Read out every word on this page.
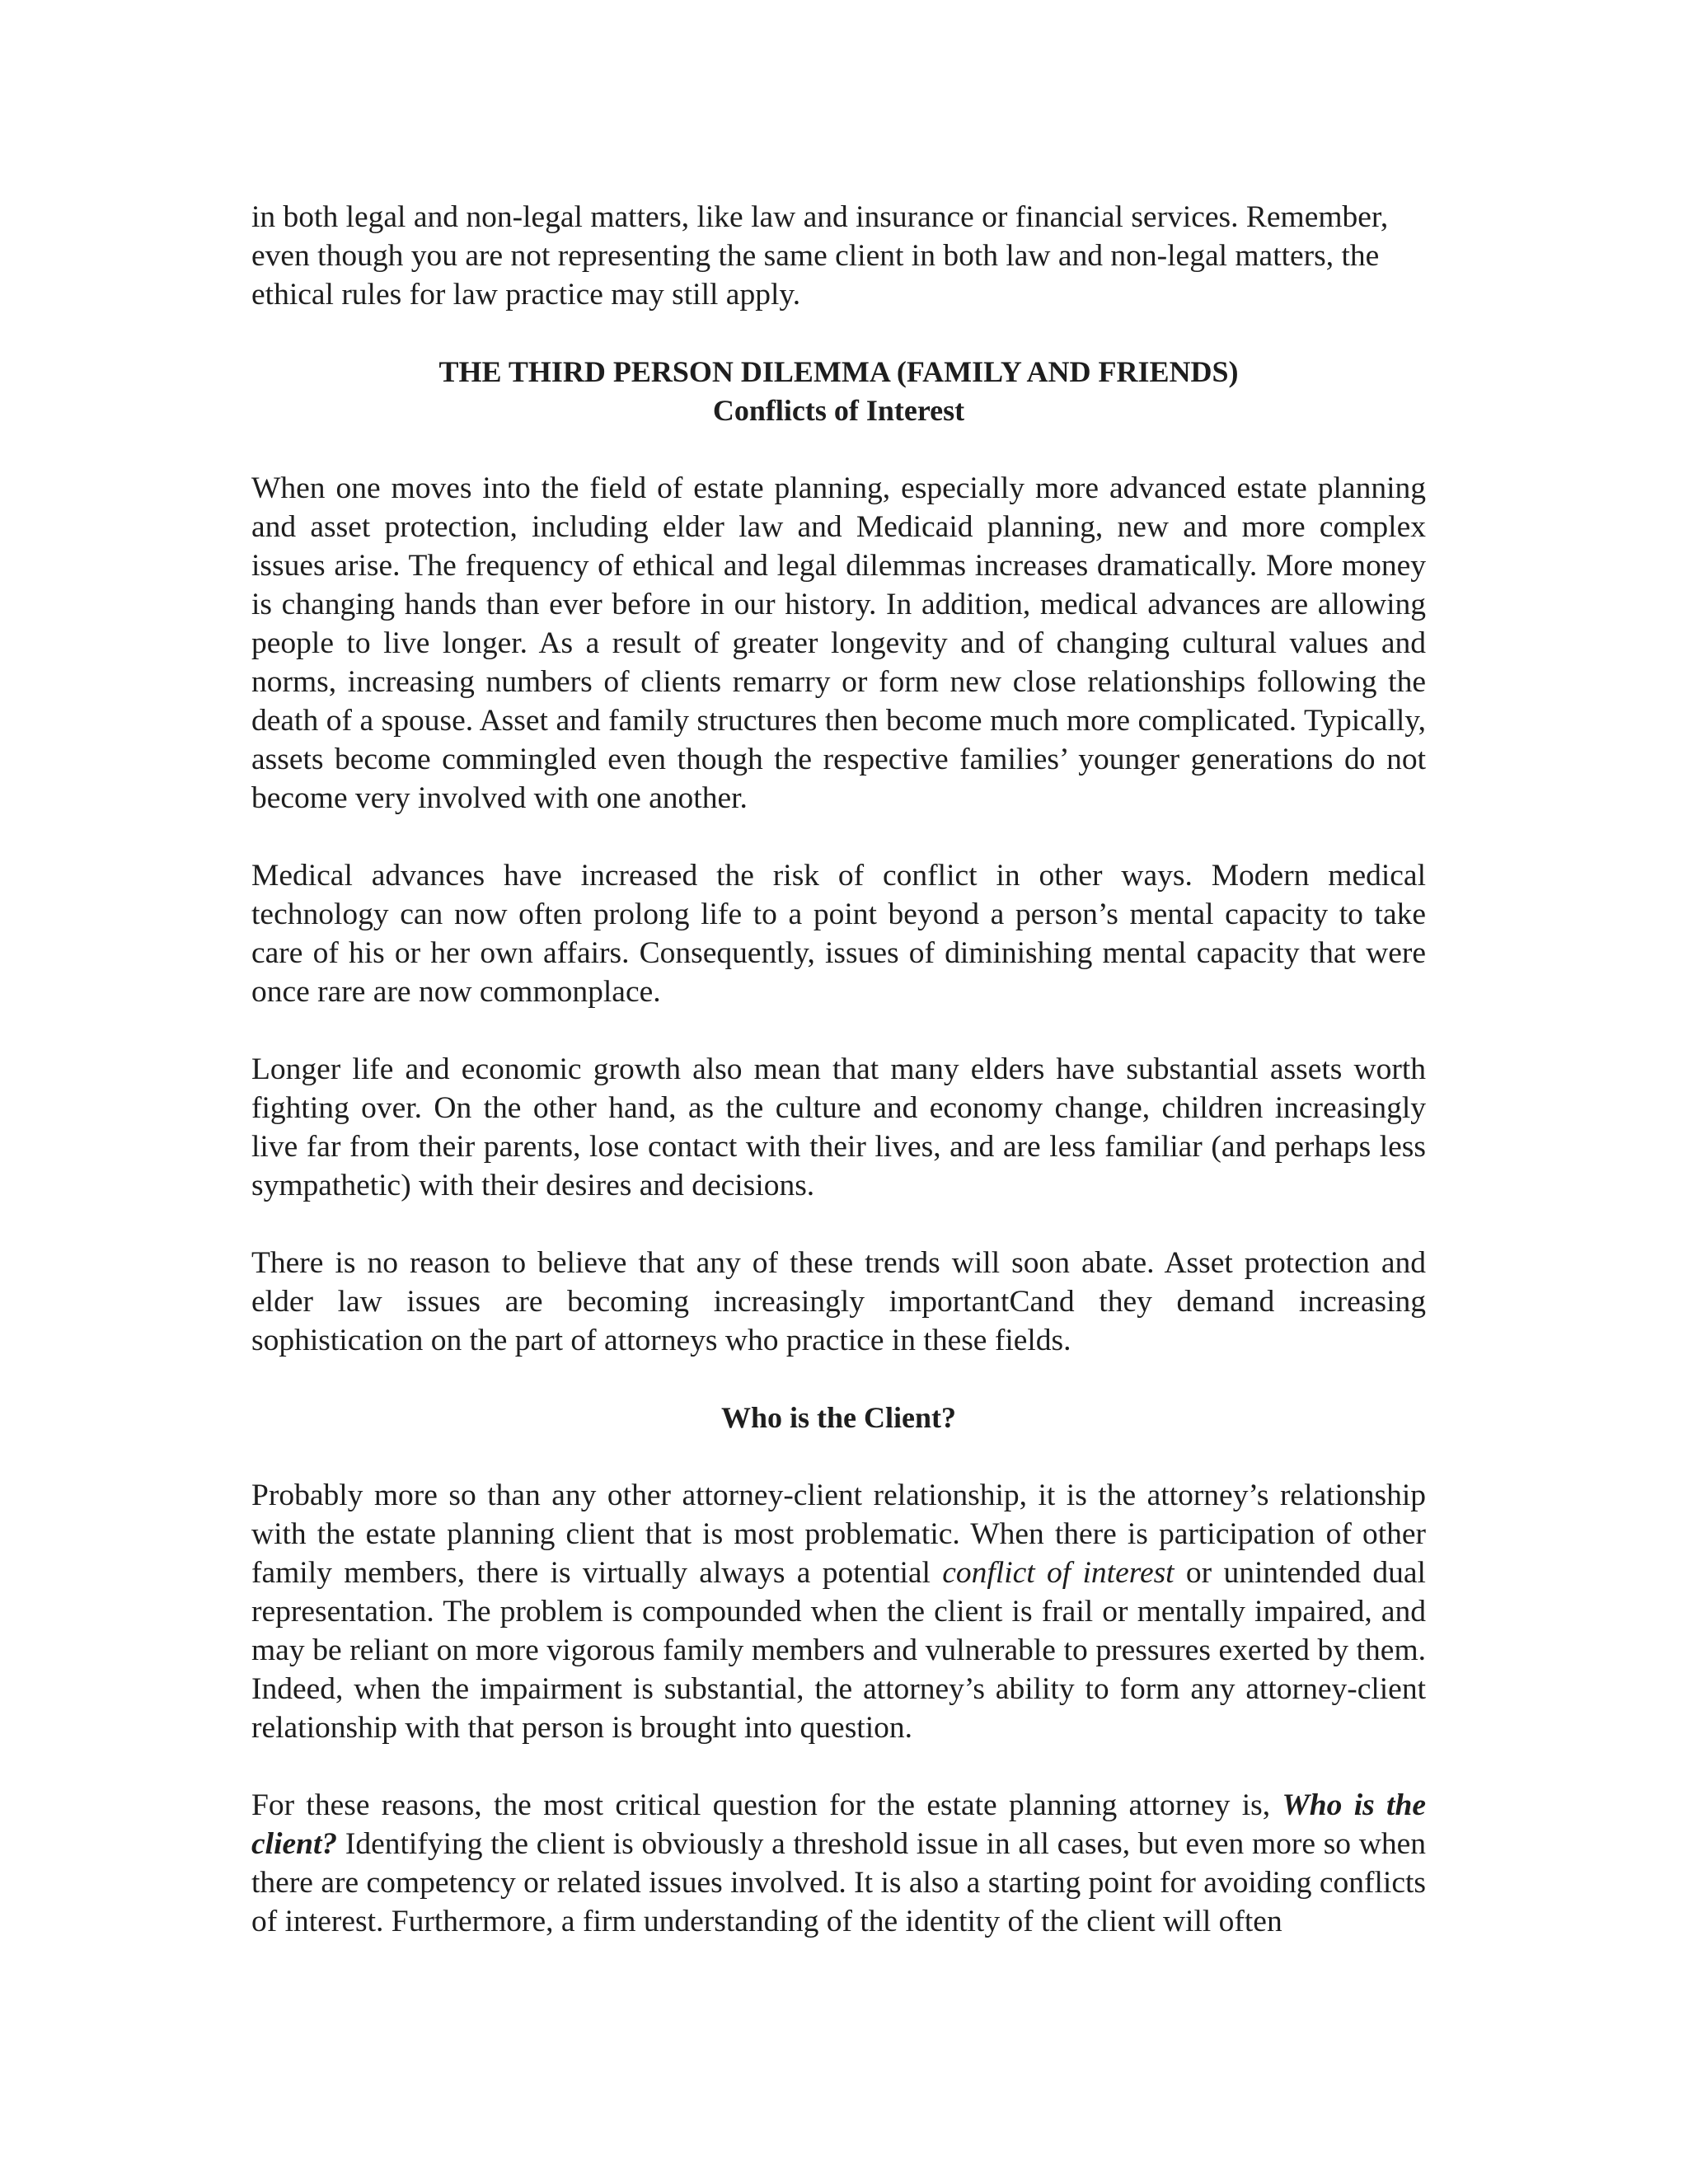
in both legal and non-legal matters, like law and insurance or financial services. Remember, even though you are not representing the same client in both law and non-legal matters, the ethical rules for law practice may still apply.

THE THIRD PERSON DILEMMA (FAMILY AND FRIENDS)
Conflicts of Interest

When one moves into the field of estate planning, especially more advanced estate planning and asset protection, including elder law and Medicaid planning, new and more complex issues arise. The frequency of ethical and legal dilemmas increases dramatically. More money is changing hands than ever before in our history. In addition, medical advances are allowing people to live longer. As a result of greater longevity and of changing cultural values and norms, increasing numbers of clients remarry or form new close relationships following the death of a spouse. Asset and family structures then become much more complicated. Typically, assets become commingled even though the respective families’ younger generations do not become very involved with one another.

Medical advances have increased the risk of conflict in other ways. Modern medical technology can now often prolong life to a point beyond a person’s mental capacity to take care of his or her own affairs. Consequently, issues of diminishing mental capacity that were once rare are now commonplace.

Longer life and economic growth also mean that many elders have substantial assets worth fighting over. On the other hand, as the culture and economy change, children increasingly live far from their parents, lose contact with their lives, and are less familiar (and perhaps less sympathetic) with their desires and decisions.

There is no reason to believe that any of these trends will soon abate. Asset protection and elder law issues are becoming increasingly importantCand they demand increasing sophistication on the part of attorneys who practice in these fields.

Who is the Client?

Probably more so than any other attorney-client relationship, it is the attorney’s relationship with the estate planning client that is most problematic. When there is participation of other family members, there is virtually always a potential conflict of interest or unintended dual representation. The problem is compounded when the client is frail or mentally impaired, and may be reliant on more vigorous family members and vulnerable to pressures exerted by them. Indeed, when the impairment is substantial, the attorney’s ability to form any attorney-client relationship with that person is brought into question.

For these reasons, the most critical question for the estate planning attorney is, Who is the client? Identifying the client is obviously a threshold issue in all cases, but even more so when there are competency or related issues involved. It is also a starting point for avoiding conflicts of interest. Furthermore, a firm understanding of the identity of the client will often
